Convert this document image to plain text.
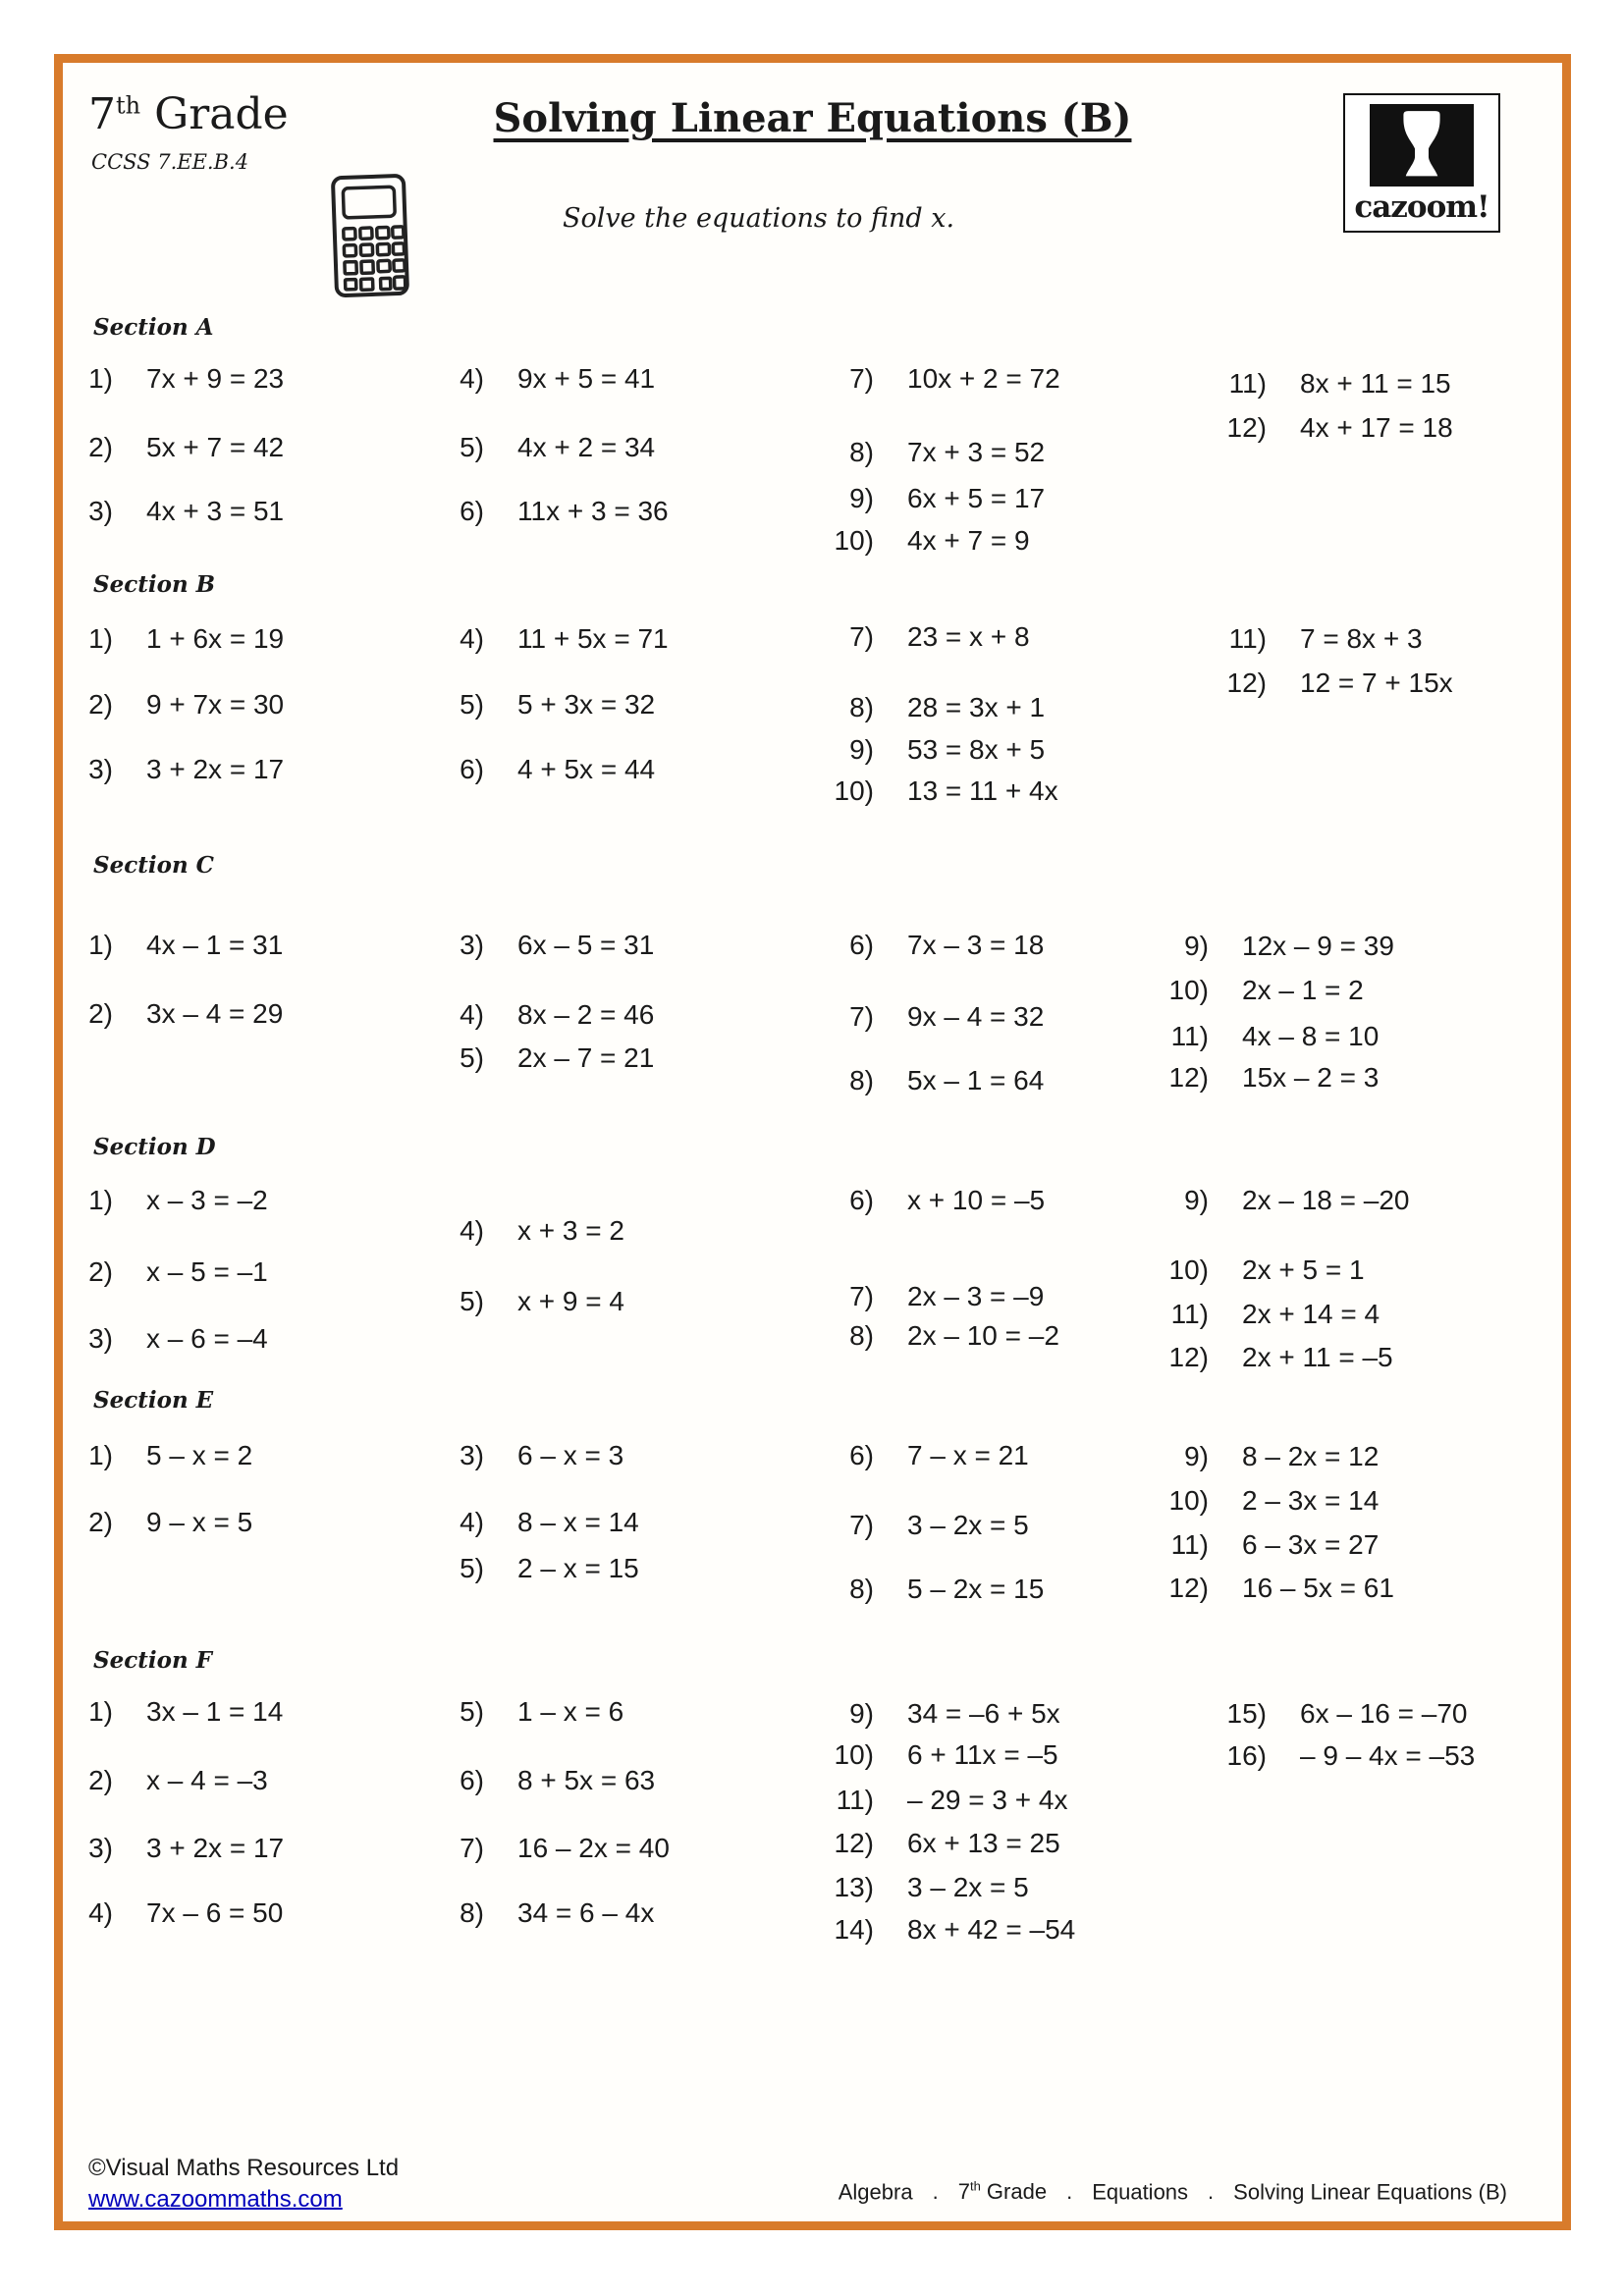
7th Grade
CCSS 7.EE.B.4
Solving Linear Equations (B)
Solve the equations to find x.	cazoom!
Section A
1) 7x + 9 = 23
2) 5x + 7 = 42
3) 4x + 3 = 51
4) 9x + 5 = 41
5) 4x + 2 = 34
6) 11x + 3 = 36
7) 10x + 2 = 72
8) 7x + 3 = 52
9) 6x + 5 = 17
10) 4x + 7 = 9
11) 8x + 11 = 15
12) 4x + 17 = 18
Section B
1) 1 + 6x = 19
2) 9 + 7x = 30
3) 3 + 2x = 17
4) 11 + 5x = 71
5) 5 + 3x = 32
6) 4 + 5x = 44
7) 23 = x + 8
8) 28 = 3x + 1
9) 53 = 8x + 5
10) 13 = 11 + 4x
11) 7 = 8x + 3
12) 12 = 7 + 15x
Section C
1) 4x – 1 = 31
2) 3x – 4 = 29
3) 6x – 5 = 31
4) 8x – 2 = 46
5) 2x – 7 = 21
6) 7x – 3 = 18
7) 9x – 4 = 32
8) 5x – 1 = 64
9) 12x – 9 = 39
10) 2x – 1 = 2
11) 4x – 8 = 10
12) 15x – 2 = 3
Section D
1) x – 3 = –2
2) x – 5 = –1
3) x – 6 = –4
4) x + 3 = 2
5) x + 9 = 4
6) x + 10 = –5
7) 2x – 3 = –9
8) 2x – 10 = –2
9) 2x – 18 = –20
10) 2x + 5 = 1
11) 2x + 14 = 4
12) 2x + 11 = –5
Section E
1) 5 – x = 2
2) 9 – x = 5
3) 6 – x = 3
4) 8 – x = 14
5) 2 – x = 15
6) 7 – x = 21
7) 3 – 2x = 5
8) 5 – 2x = 15
9) 8 – 2x = 12
10) 2 – 3x = 14
11) 6 – 3x = 27
12) 16 – 5x = 61
Section F
1) 3x – 1 = 14
2) x – 4 = –3
3) 3 + 2x = 17
4) 7x – 6 = 50
5) 1 – x = 6
6) 8 + 5x = 63
7) 16 – 2x = 40
8) 34 = 6 – 4x
9) 34 = –6 + 5x
10) 6 + 11x = –5
11) – 29 = 3 + 4x
12) 6x + 13 = 25
13) 3 – 2x = 5
14) 8x + 42 = –54
15) 6x – 16 = –70
16) – 9 – 4x = –53
©Visual Maths Resources Ltd
www.cazoommaths.com	Algebra . 7th Grade . Equations . Solving Linear Equations (B)
